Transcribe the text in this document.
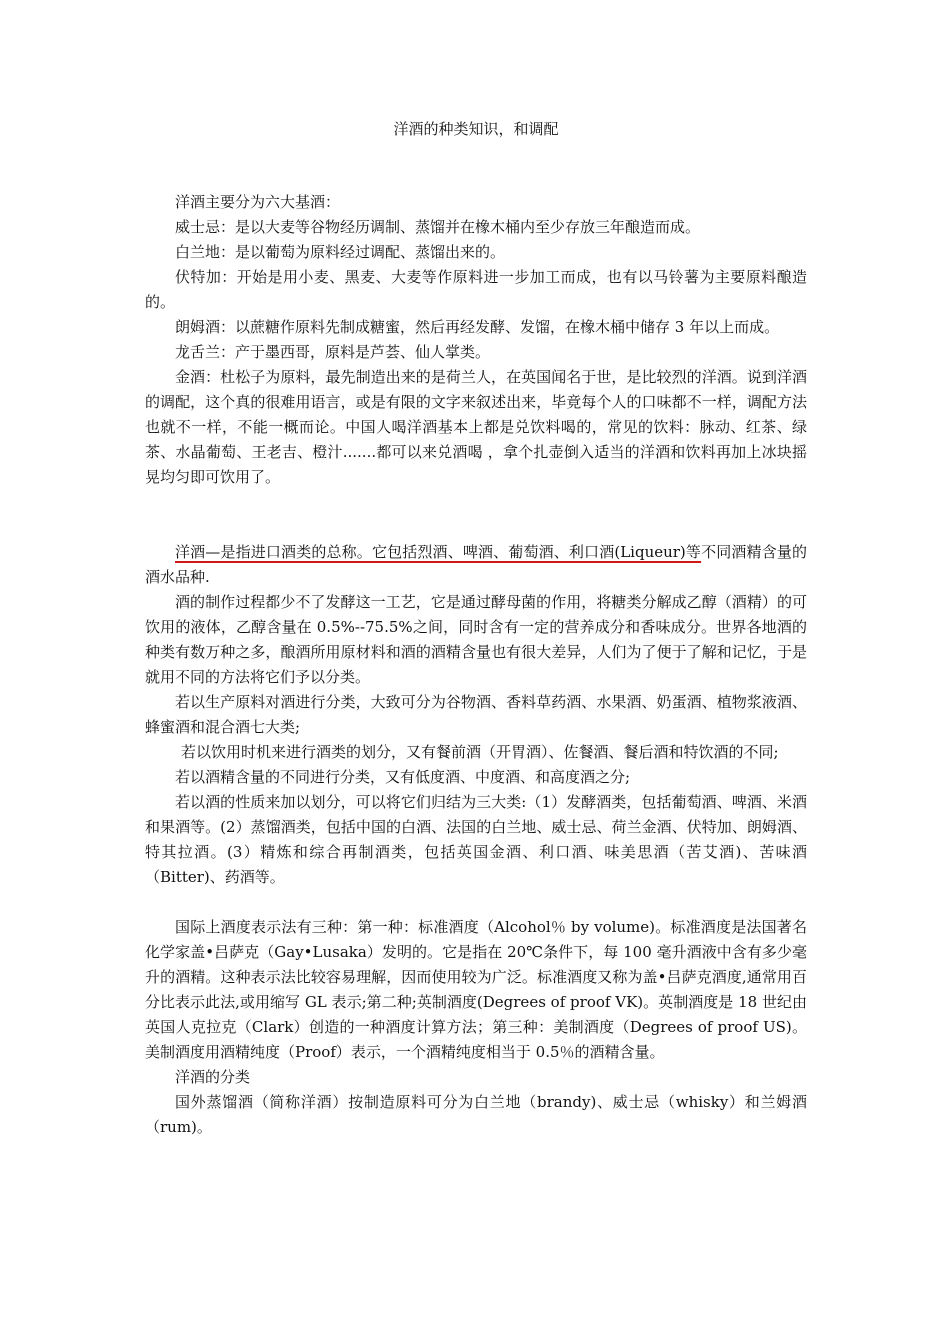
洋酒的种类知识，和调配

洋酒主要分为六大基酒：

威士忌：是以大麦等谷物经历调制、蒸馏并在橡木桶内至少存放三年酿造而成。

白兰地：是以葡萄为原料经过调配、蒸馏出来的。

伏特加：开始是用小麦、黑麦、大麦等作原料进一步加工而成，也有以马铃薯为主要原料酿造的。

朗姆酒：以蔗糖作原料先制成糖蜜，然后再经发酵、发馏，在橡木桶中储存 3 年以上而成。

龙舌兰：产于墨西哥，原料是芦荟、仙人掌类。

金酒：杜松子为原料，最先制造出来的是荷兰人，在英国闻名于世，是比较烈的洋酒。说到洋酒的调配，这个真的很难用语言，或是有限的文字来叙述出来，毕竟每个人的口味都不一样，调配方法也就不一样，不能一概而论。中国人喝洋酒基本上都是兑饮料喝的，常见的饮料：脉动、红茶、绿茶、水晶葡萄、王老吉、橙汁.......都可以来兑酒喝 ，拿个扎壶倒入适当的洋酒和饮料再加上冰块摇晃均匀即可饮用了。

洋酒—是指进口酒类的总称。它包括烈酒、啤酒、葡萄酒、利口酒(Liqueur)等不同酒精含量的酒水品种.

酒的制作过程都少不了发酵这一工艺，它是通过酵母菌的作用，将糖类分解成乙醇（酒精）的可饮用的液体，乙醇含量在 0.5%--75.5%之间，同时含有一定的营养成分和香味成分。世界各地酒的种类有数万种之多，酿酒所用原材料和酒的酒精含量也有很大差异，人们为了便于了解和记忆，于是就用不同的方法将它们予以分类。

若以生产原料对酒进行分类，大致可分为谷物酒、香料草药酒、水果酒、奶蛋酒、植物浆液酒、蜂蜜酒和混合酒七大类;

若以饮用时机来进行酒类的划分，又有餐前酒（开胃酒）、佐餐酒、餐后酒和特饮酒的不同;

若以酒精含量的不同进行分类，又有低度酒、中度酒、和高度酒之分;

若以酒的性质来加以划分，可以将它们归结为三大类:（1）发酵酒类，包括葡萄酒、啤酒、米酒和果酒等。(2）蒸馏酒类，包括中国的白酒、法国的白兰地、威士忌、荷兰金酒、伏特加、朗姆酒、特其拉酒。(3）精炼和综合再制酒类，包括英国金酒、利口酒、味美思酒（苦艾酒)、苦味酒（Bitter)、药酒等。

国际上酒度表示法有三种：第一种：标准酒度（Alcohol％ by volume)。标准酒度是法国著名化学家盖•吕萨克（Gay•Lusaka）发明的。它是指在 20℃条件下，每 100 毫升酒液中含有多少毫升的酒精。这种表示法比较容易理解，因而使用较为广泛。标准酒度又称为盖•吕萨克酒度,通常用百分比表示此法,或用缩写 GL 表示;第二种;英制酒度(Degrees of proof VK)。英制酒度是 18 世纪由英国人克拉克（Clark）创造的一种酒度计算方法；第三种：美制酒度（Degrees of proof US)。美制酒度用酒精纯度（Proof）表示，一个酒精纯度相当于 0.5％的酒精含量。

洋酒的分类

国外蒸馏酒（简称洋酒）按制造原料可分为白兰地（brandy)、威士忌（whisky）和兰姆酒（rum)。
